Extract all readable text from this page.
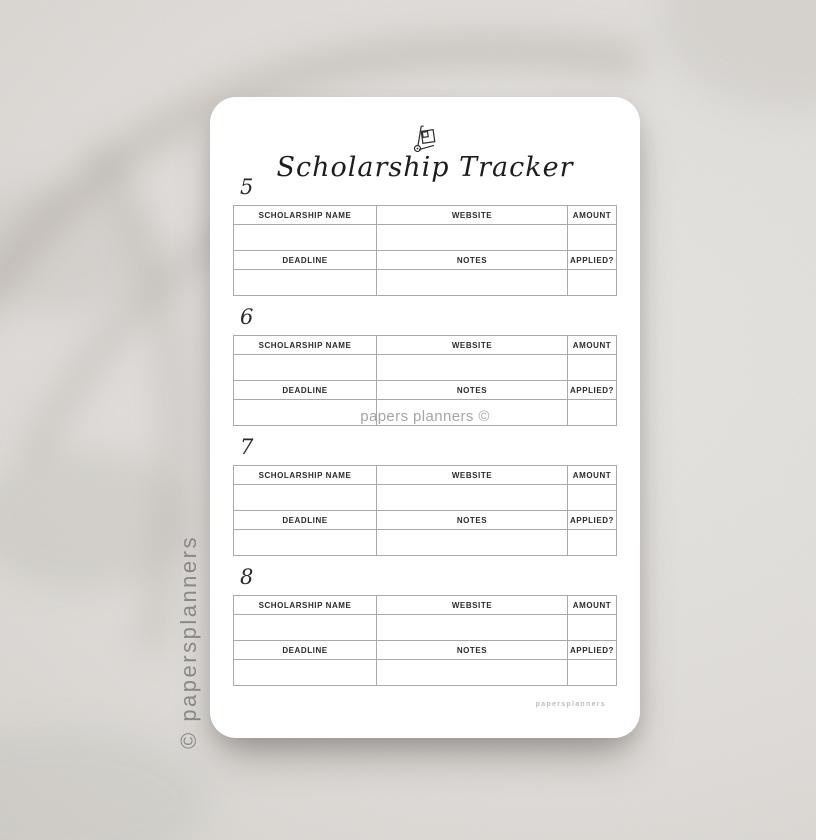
© papersplanners
Scholarship Tracker
5
SCHOLARSHIP NAME	WEBSITE	AMOUNT

DEADLINE	NOTES	APPLIED?

6
SCHOLARSHIP NAME	WEBSITE	AMOUNT

DEADLINE	NOTES	APPLIED?

7
SCHOLARSHIP NAME	WEBSITE	AMOUNT

DEADLINE	NOTES	APPLIED?

8
SCHOLARSHIP NAME	WEBSITE	AMOUNT

DEADLINE	NOTES	APPLIED?

papers planners ©
papersplanners
